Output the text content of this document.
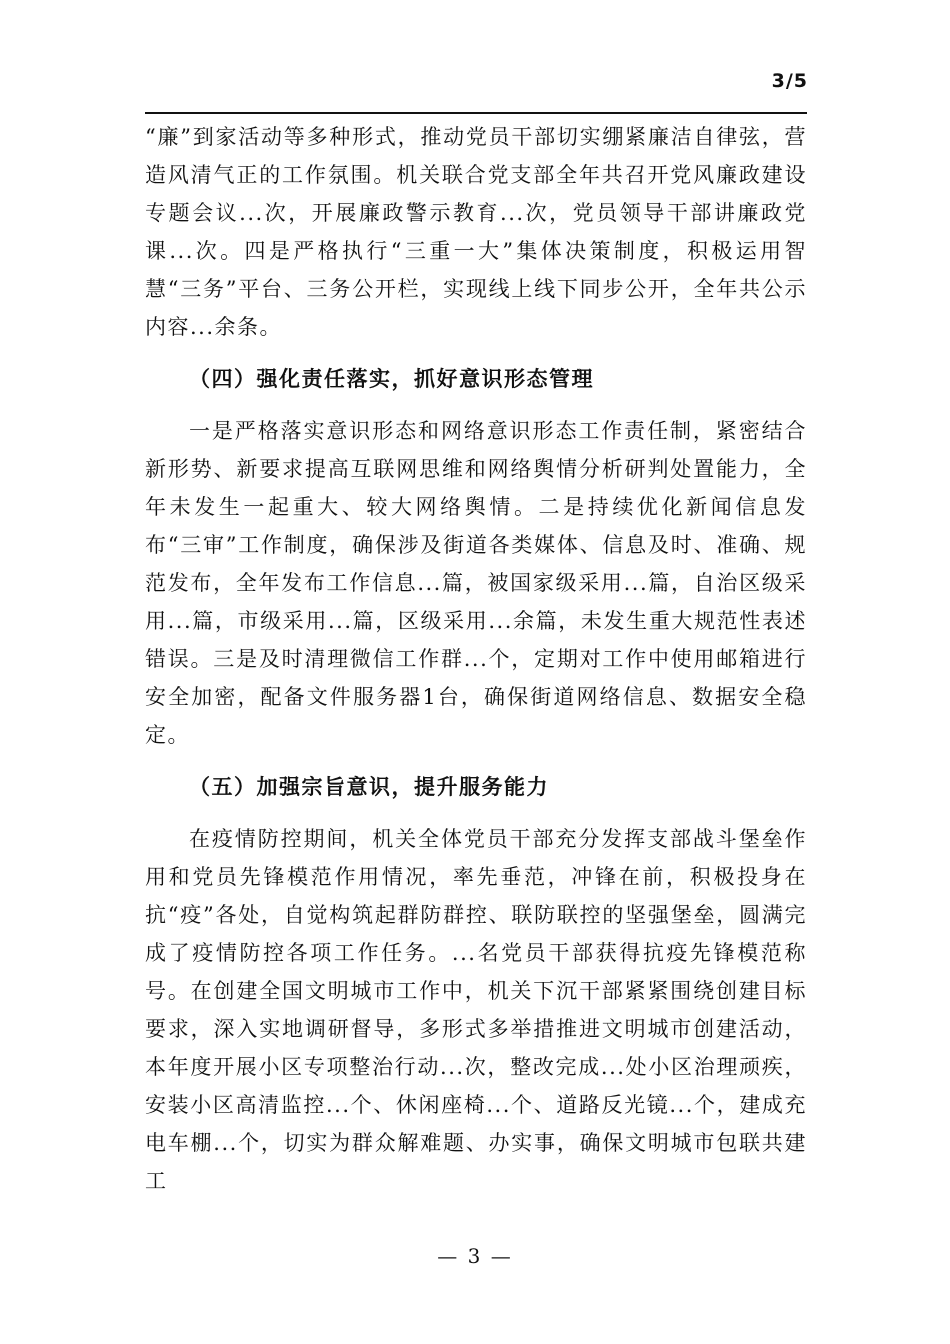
3/5

“廉”到家活动等多种形式，推动党员干部切实绷紧廉洁自律弦，营造风清气正的工作氛围。机关联合党支部全年共召开党风廉政建设专题会议...次，开展廉政警示教育...次，党员领导干部讲廉政党课...次。四是严格执行“三重一大”集体决策制度，积极运用智慧“三务”平台、三务公开栏，实现线上线下同步公开，全年共公示内容...余条。

（四）强化责任落实，抓好意识形态管理

一是严格落实意识形态和网络意识形态工作责任制，紧密结合新形势、新要求提高互联网思维和网络舆情分析研判处置能力，全年未发生一起重大、较大网络舆情。二是持续优化新闻信息发布“三审”工作制度，确保涉及街道各类媒体、信息及时、准确、规范发布，全年发布工作信息...篇，被国家级采用...篇，自治区级采用...篇，市级采用...篇，区级采用...余篇，未发生重大规范性表述错误。三是及时清理微信工作群...个，定期对工作中使用邮箱进行安全加密，配备文件服务器1台，确保街道网络信息、数据安全稳定。

（五）加强宗旨意识，提升服务能力

在疫情防控期间，机关全体党员干部充分发挥支部战斗堡垒作用和党员先锋模范作用情况，率先垂范，冲锋在前，积极投身在抗“疫”各处，自觉构筑起群防群控、联防联控的坚强堡垒，圆满完成了疫情防控各项工作任务。...名党员干部获得抗疫先锋模范称号。在创建全国文明城市工作中，机关下沉干部紧紧围绕创建目标要求，深入实地调研督导，多形式多举措推进文明城市创建活动，本年度开展小区专项整治行动...次，整改完成...处小区治理顽疾，安装小区高清监控...个、休闲座椅...个、道路反光镜...个，建成充电车棚...个，切实为群众解难题、办实事，确保文明城市包联共建工

— 3 —
